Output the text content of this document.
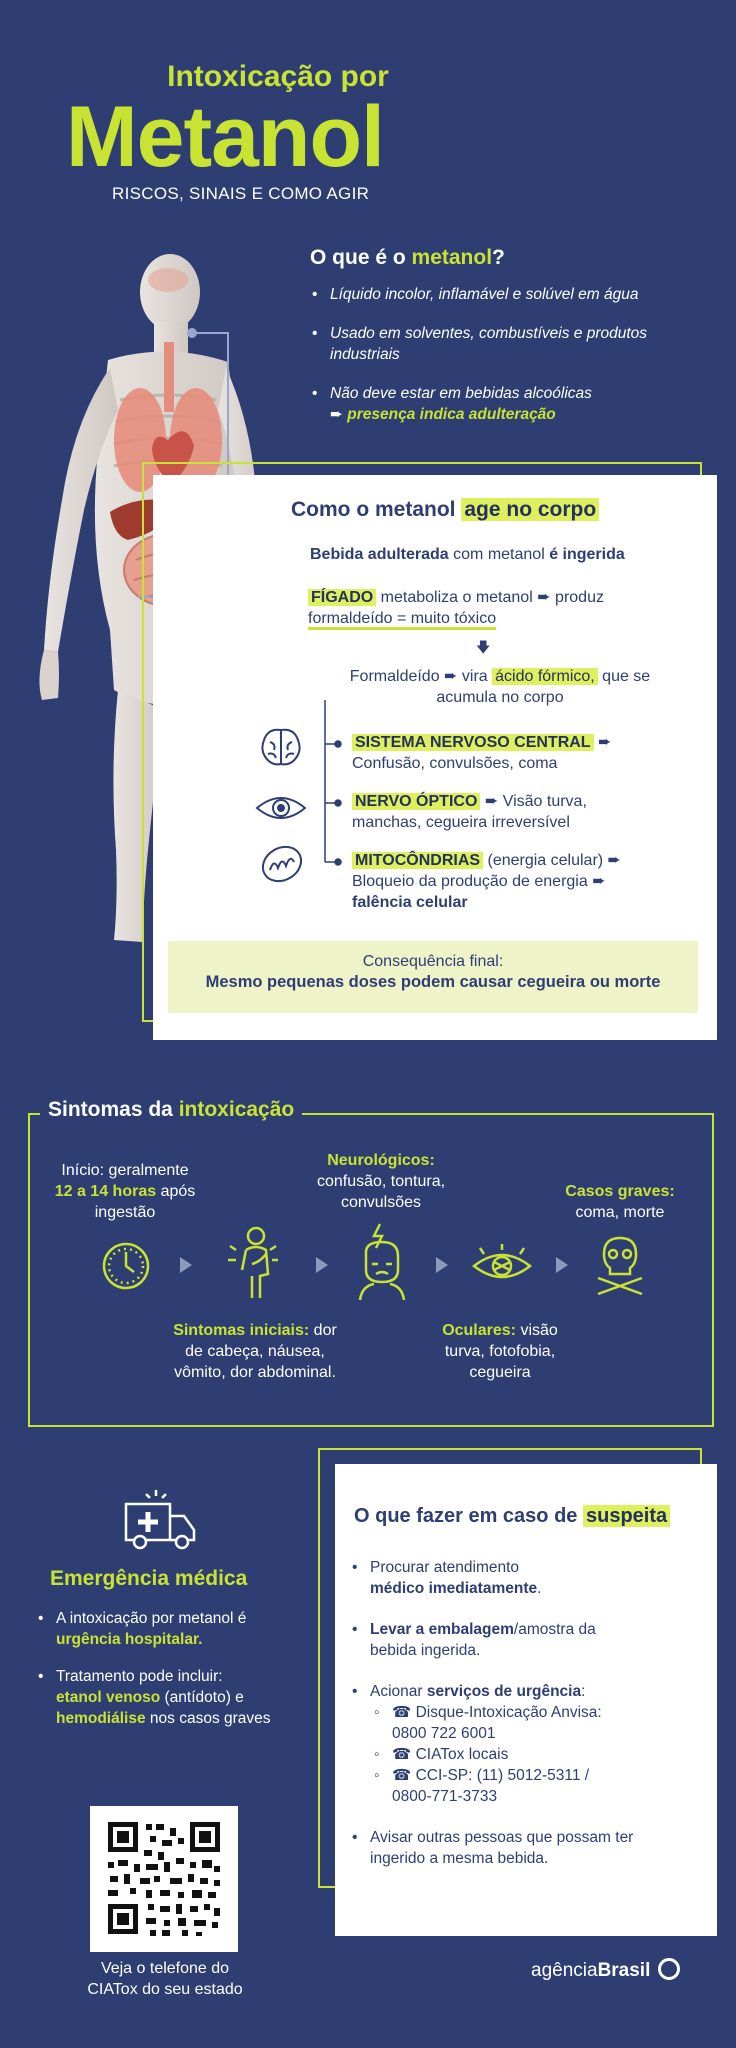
Intoxicação por
Metanol
RISCOS, SINAIS E COMO AGIR
O que é o metanol?
• Líquido incolor, inflamável e solúvel em água
• Usado em solventes, combustíveis e produtos industriais
• Não deve estar em bebidas alcoólicas
➨ presença indica adulteração
Como o metanol age no corpo
Bebida adulterada com metanol é ingerida
FÍGADO metaboliza o metanol ➨ produz
formaldeído = muito tóxico
🡇
Formaldeído ➨ vira ácido fórmico, que se
acumula no corpo
SISTEMA NERVOSO CENTRAL ➨
Confusão, convulsões, coma
NERVO ÓPTICO ➨ Visão turva,
manchas, cegueira irreversível
MITOCÔNDRIAS (energia celular) ➨
Bloqueio da produção de energia ➨
falência celular
Consequência final:
Mesmo pequenas doses podem causar cegueira ou morte
Sintomas da intoxicação
Início: geralmente
12 a 14 horas após
ingestão
Neurológicos:
confusão, tontura,
convulsões
Casos graves:
coma, morte
Sintomas iniciais: dor
de cabeça, náusea,
vômito, dor abdominal.
Oculares: visão
turva, fotofobia,
cegueira
Emergência médica
• A intoxicação por metanol é
urgência hospitalar.
• Tratamento pode incluir:
etanol venoso (antídoto) e
hemodiálise nos casos graves
O que fazer em caso de suspeita
• Procurar atendimento
médico imediatamente.
• Levar a embalagem/amostra da
bebida ingerida.
• Acionar serviços de urgência:
◦ ☎ Disque-Intoxicação Anvisa:
0800 722 6001
◦ ☎ CIATox locais
◦ ☎ CCI-SP: (11) 5012-5311 /
0800-771-3733
• Avisar outras pessoas que possam ter
ingerido a mesma bebida.
Veja o telefone do
CIATox do seu estado
agênciaBrasil
